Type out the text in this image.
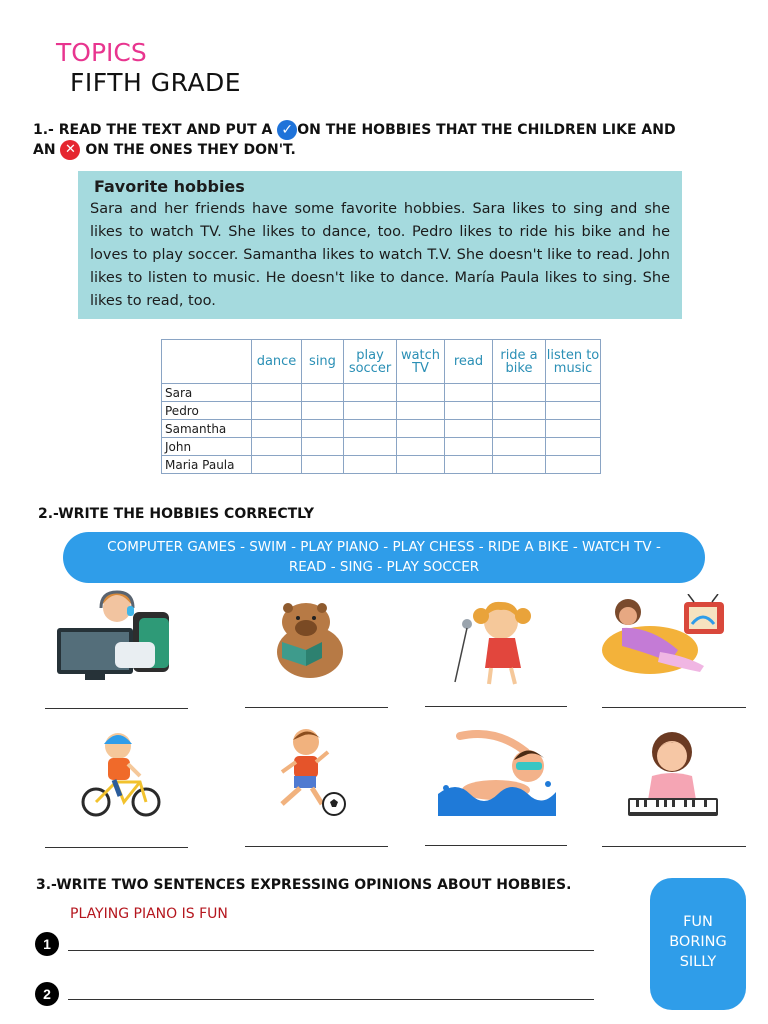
TOPICS
FIFTH GRADE
1.- READ THE TEXT AND PUT A ✓ ON THE HOBBIES THAT THE CHILDREN LIKE AND
AN ✕ ON THE ONES THEY DON'T.
Favorite hobbies

Sara and her friends have some favorite hobbies. Sara likes to sing and she likes to watch TV. She likes to dance, too. Pedro likes to ride his bike and he loves to play soccer. Samantha likes to watch T.V. She doesn't like to read. John likes to listen to music. He doesn't like to dance. María Paula likes to sing. She likes to read, too.

	dance	sing	play soccer	watch TV	read	ride a bike	listen to music
Sara							
Pedro							
Samantha							
John							
Maria Paula							
2.-WRITE THE HOBBIES CORRECTLY
COMPUTER GAMES - SWIM - PLAY PIANO - PLAY CHESS - RIDE A BIKE - WATCH TV -
READ - SING - PLAY SOCCER
3.-WRITE TWO SENTENCES EXPRESSING OPINIONS ABOUT HOBBIES.
PLAYING PIANO IS FUN
1
2
FUN
BORING
SILLY
